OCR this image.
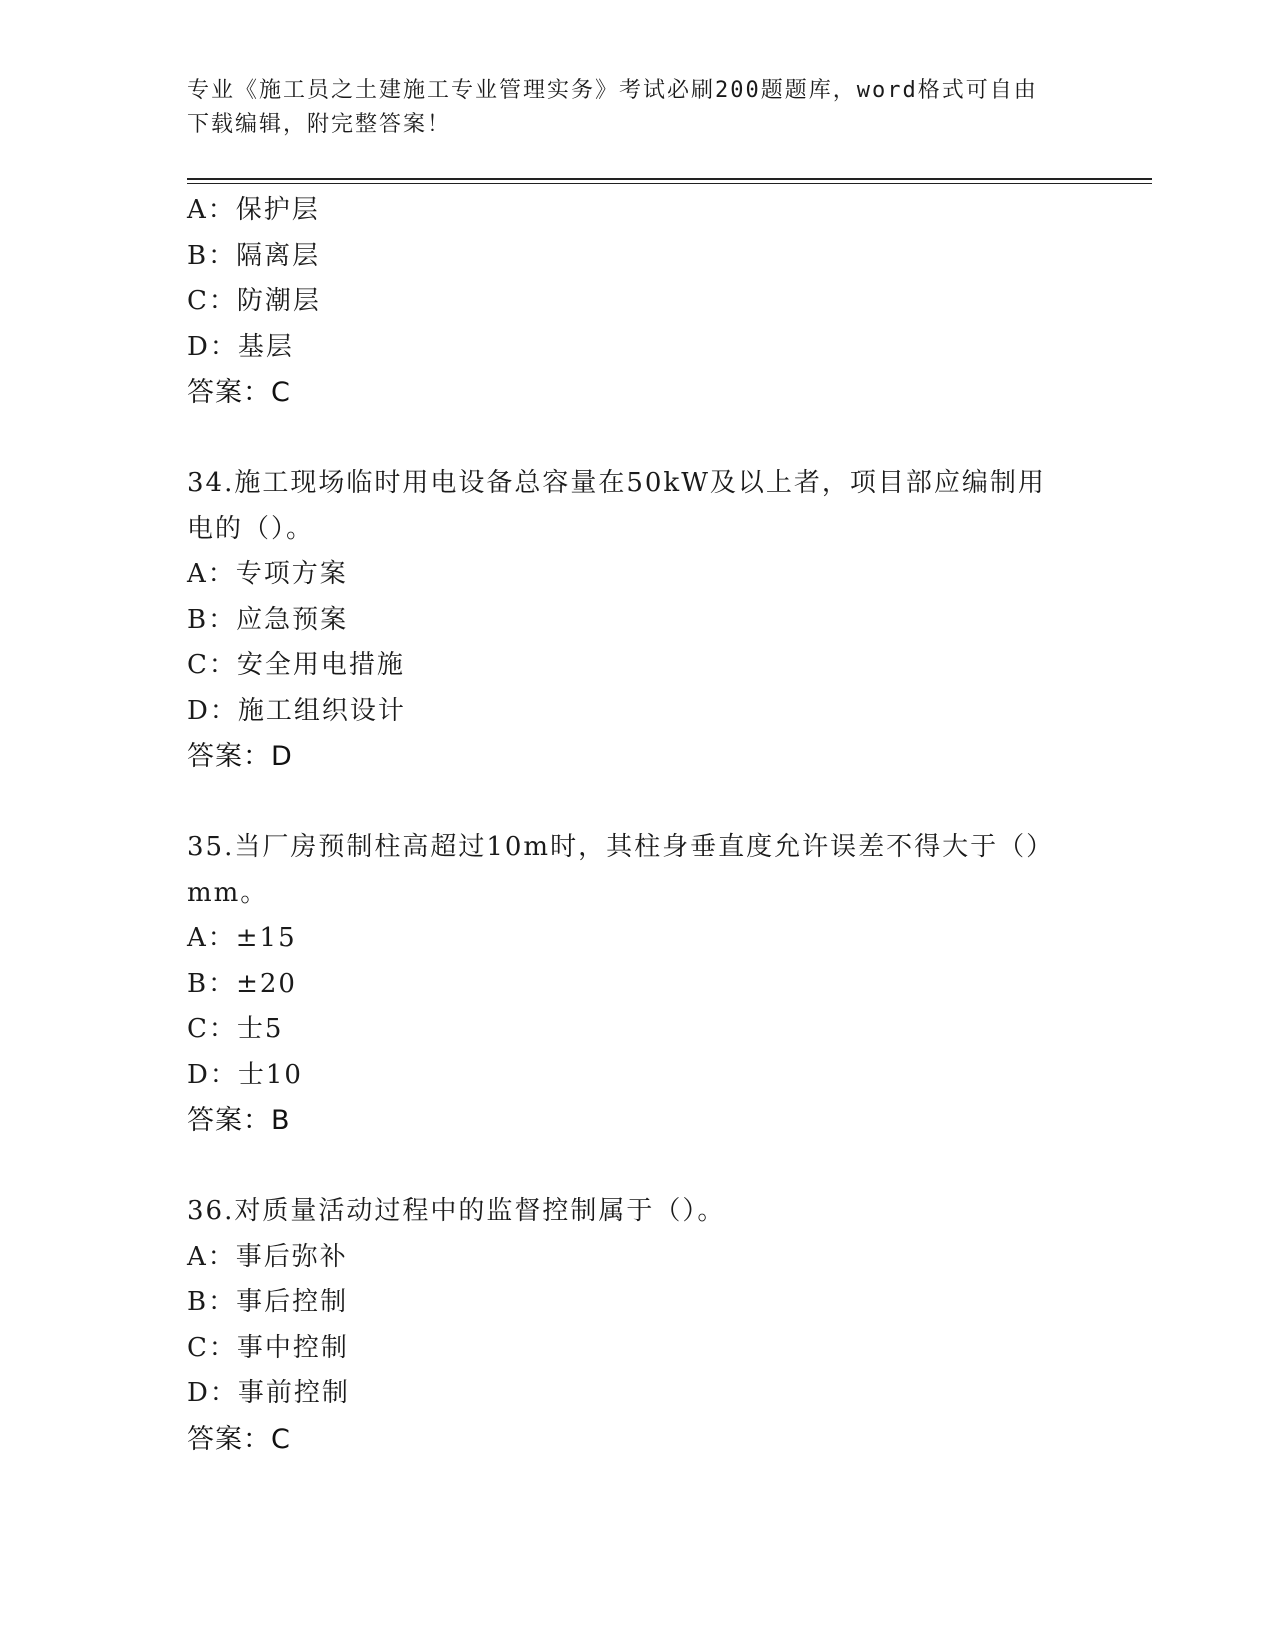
专业《施工员之土建施工专业管理实务》考试必刷200题题库，word格式可自由
下载编辑，附完整答案！
A：保护层
B：隔离层
C：防潮层
D：基层
答案：C
34.施工现场临时用电设备总容量在50kW及以上者，项目部应编制用
电的（）。
A：专项方案
B：应急预案
C：安全用电措施
D：施工组织设计
答案：D
35.当厂房预制柱高超过10m时，其柱身垂直度允许误差不得大于（）
mm。
A：±15
B：±20
C：士5
D：士10
答案：B
36.对质量活动过程中的监督控制属于（）。
A：事后弥补
B：事后控制
C：事中控制
D：事前控制
答案：C
